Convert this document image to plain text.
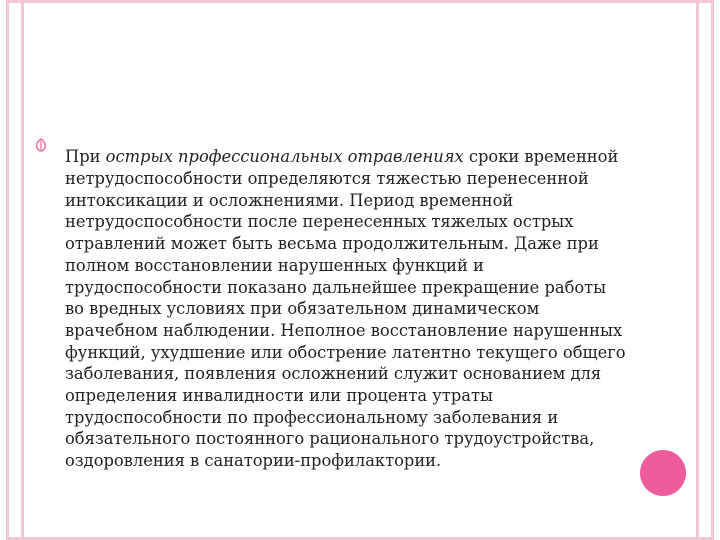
При острых профессиональных отравлениях сроки временной нетрудоспособности определяются тяжестью перенесенной интоксикации и осложнениями. Период временной нетрудоспособности после перенесенных тяжелых острых отравлений может быть весьма продолжительным. Даже при полном восстановлении нарушенных функций и трудоспособности показано дальнейшее прекращение работы во вредных условиях при обязательном динамическом врачебном наблюдении. Неполное восстановление нарушенных функций, ухудшение или обострение латентно текущего общего заболевания, появления осложнений служит основанием для определения инвалидности или процента утраты трудоспособности по профессиональному заболевания и обязательного постоянного рационального трудоустройства, оздоровления в санатории-профилактории.
